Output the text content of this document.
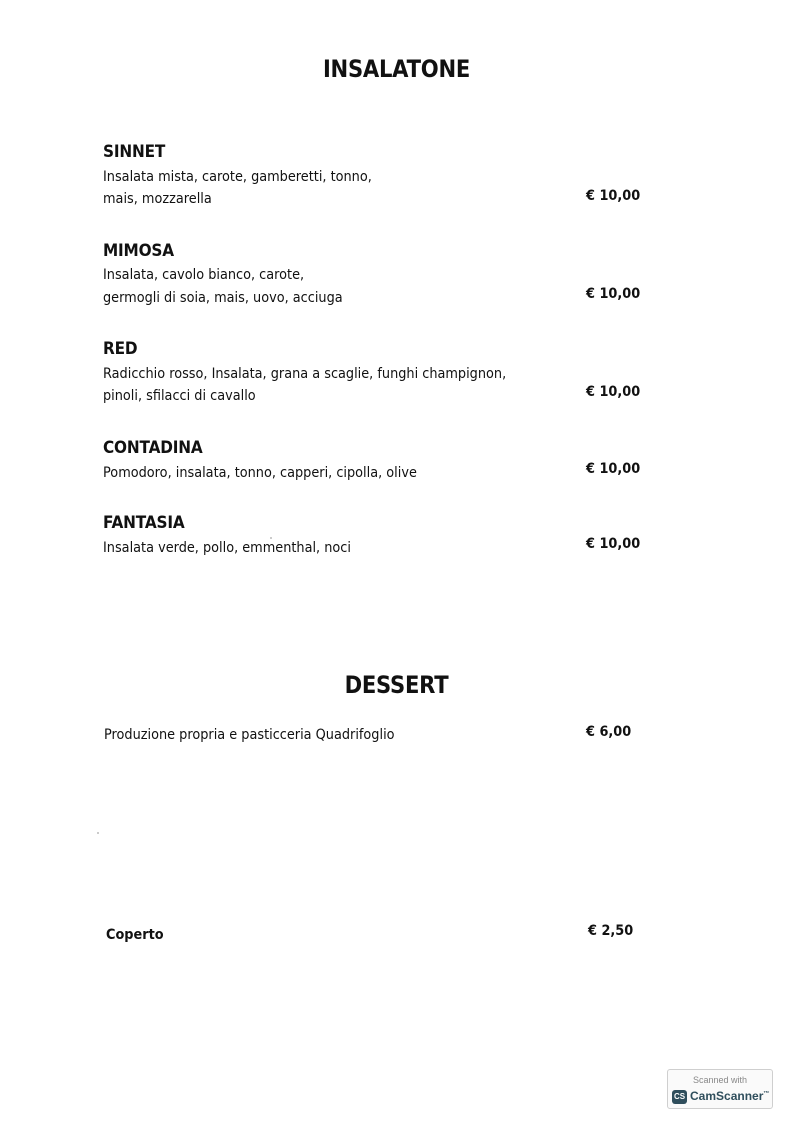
INSALATONE
SINNET
Insalata mista, carote, gamberetti, tonno,
mais, mozzarella	€ 10,00
MIMOSA
Insalata, cavolo bianco, carote,
germogli di soia, mais, uovo, acciuga	€ 10,00
RED
Radicchio rosso, Insalata, grana a scaglie, funghi champignon,
pinoli, sfilacci di cavallo	€ 10,00
CONTADINA
Pomodoro, insalata, tonno, capperi, cipolla, olive	€ 10,00
FANTASIA
Insalata verde, pollo, emmenthal, noci	€ 10,00
DESSERT
Produzione propria e pasticceria Quadrifoglio	€ 6,00
Coperto	€ 2,50
Scanned with
CS CamScanner™
